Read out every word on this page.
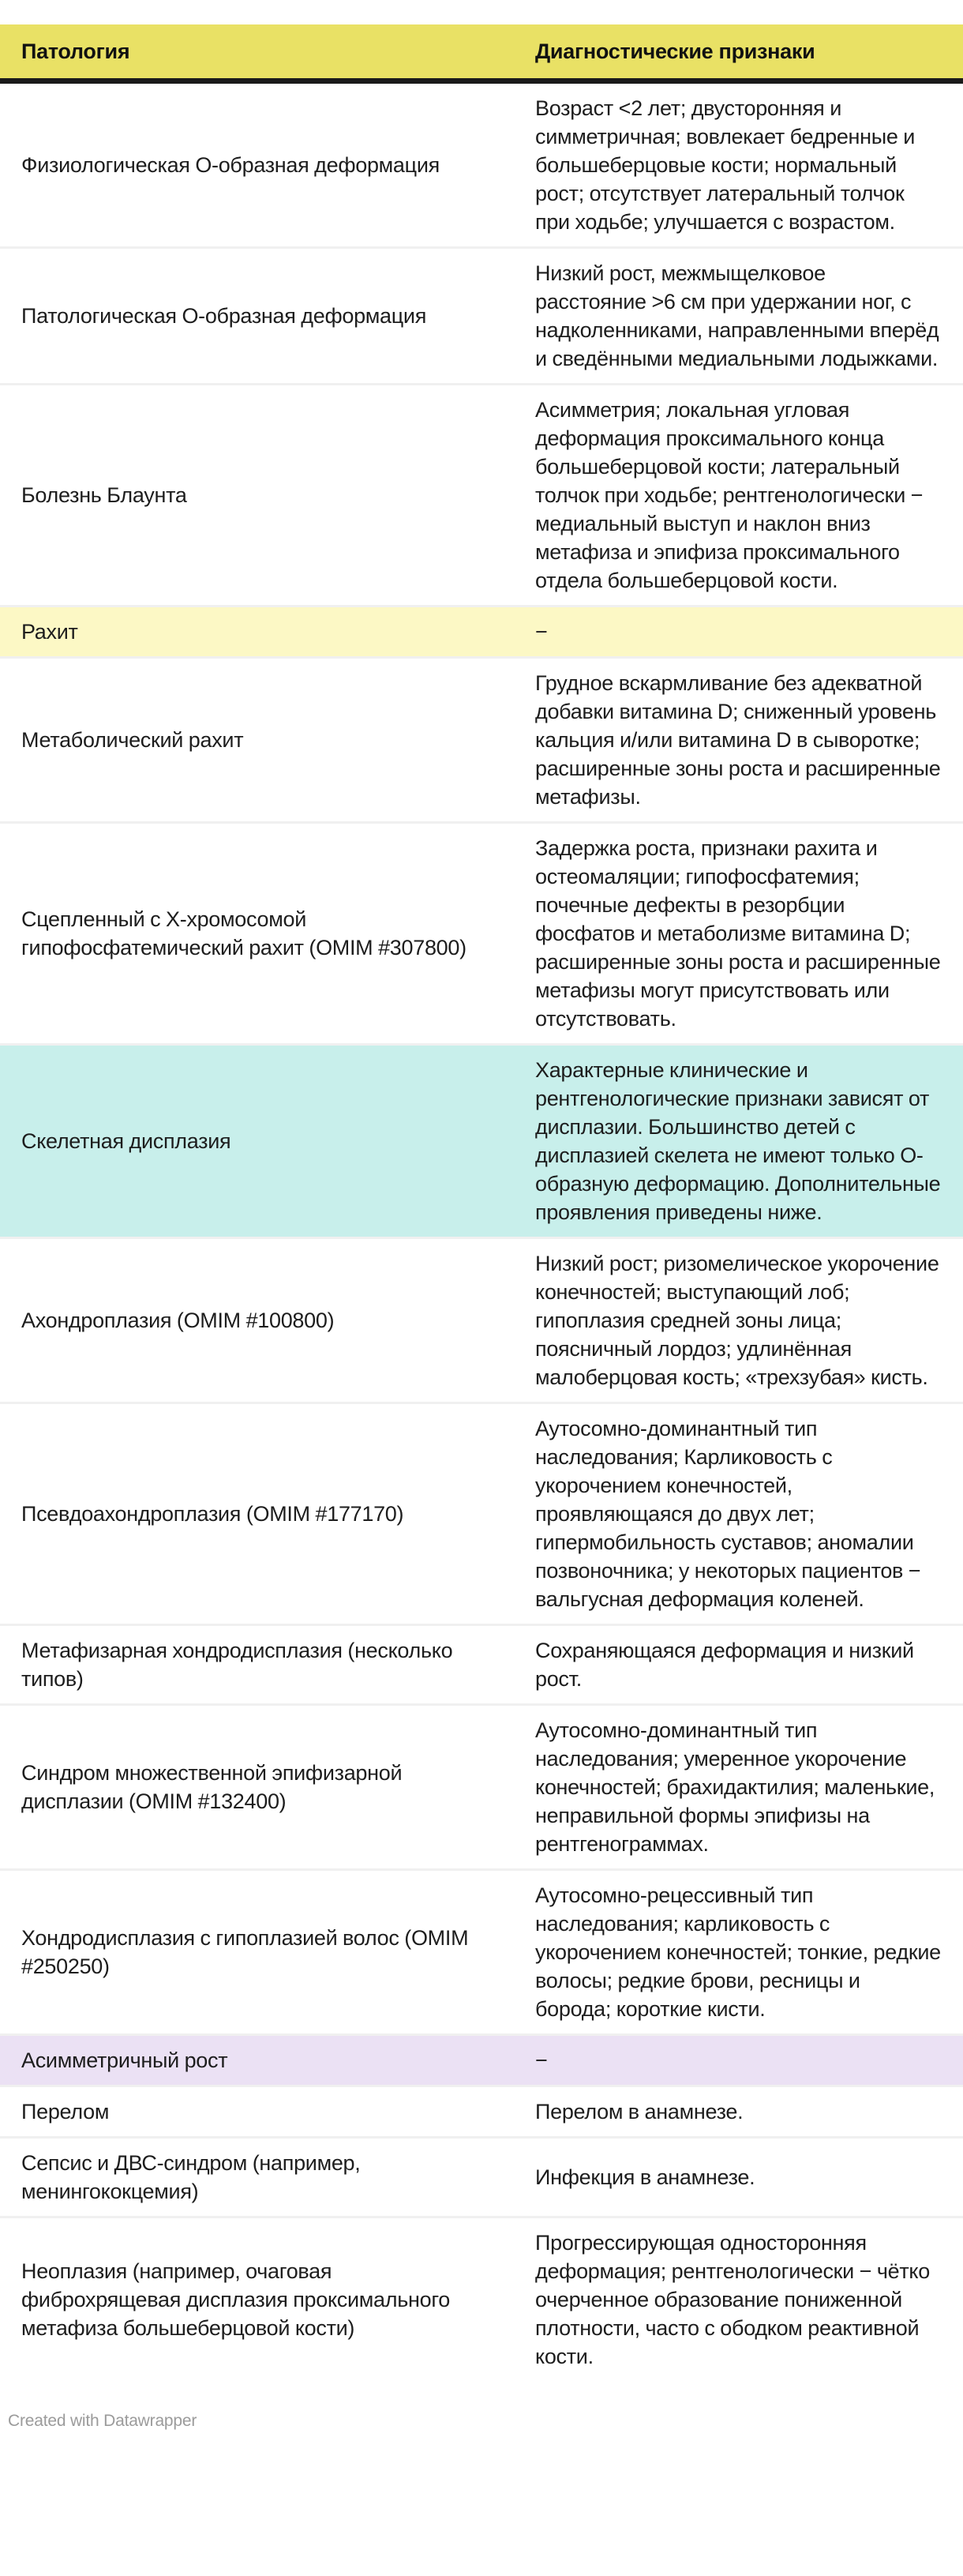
Патология	Диагностические признаки
Физиологическая О-образная деформация	Возраст <2 лет; двусторонняя и симметричная; вовлекает бедренные и большеберцовые кости; нормальный рост; отсутствует латеральный толчок при ходьбе; улучшается с возрастом.
Патологическая О-образная деформация	Низкий рост, межмыщелковое расстояние >6 см при удержании ног, с надколенниками, направленными вперёд и сведёнными медиальными лодыжками.
Болезнь Блаунта	Асимметрия; локальная угловая деформация проксимального конца большеберцовой кости; латеральный толчок при ходьбе; рентгенологически − медиальный выступ и наклон вниз метафиза и эпифиза проксимального отдела большеберцовой кости.
Рахит	−
Метаболический рахит	Грудное вскармливание без адекватной добавки витамина D; сниженный уровень кальция и/или витамина D в сыворотке; расширенные зоны роста и расширенные метафизы.
Сцепленный с X-хромосомой гипофосфатемический рахит (OMIM #307800)	Задержка роста, признаки рахита и остеомаляции; гипофосфатемия; почечные дефекты в резорбции фосфатов и метаболизме витамина D; расширенные зоны роста и расширенные метафизы могут присутствовать или отсутствовать.
Скелетная дисплазия	Характерные клинические и рентгенологические признаки зависят от дисплазии. Большинство детей с дисплазией скелета не имеют только О-образную деформацию. Дополнительные проявления приведены ниже.
Ахондроплазия (OMIM #100800)	Низкий рост; ризомелическое укорочение конечностей; выступающий лоб; гипоплазия средней зоны лица; поясничный лордоз; удлинённая малоберцовая кость; «трехзубая» кисть.
Псевдоахондроплазия (OMIM #177170)	Аутосомно-доминантный тип наследования; Карликовость с укорочением конечностей, проявляющаяся до двух лет; гипермобильность суставов; аномалии позвоночника; у некоторых пациентов − вальгусная деформация коленей.
Метафизарная хондродисплазия (несколько типов)	Сохраняющаяся деформация и низкий рост.
Синдром множественной эпифизарной дисплазии (OMIM #132400)	Аутосомно-доминантный тип наследования; умеренное укорочение конечностей; брахидактилия; маленькие, неправильной формы эпифизы на рентгенограммах.
Хондродисплазия с гипоплазией волос (OMIM #250250)	Аутосомно-рецессивный тип наследования; карликовость с укорочением конечностей; тонкие, редкие волосы; редкие брови, ресницы и борода; короткие кисти.
Асимметричный рост	−
Перелом	Перелом в анамнезе.
Сепсис и ДВС-синдром (например, менингококцемия)	Инфекция в анамнезе.
Неоплазия (например, очаговая фиброхрящевая дисплазия проксимального метафиза большеберцовой кости)	Прогрессирующая односторонняя деформация; рентгенологически − чётко очерченное образование пониженной плотности, часто с ободком реактивной кости.
Created with Datawrapper
